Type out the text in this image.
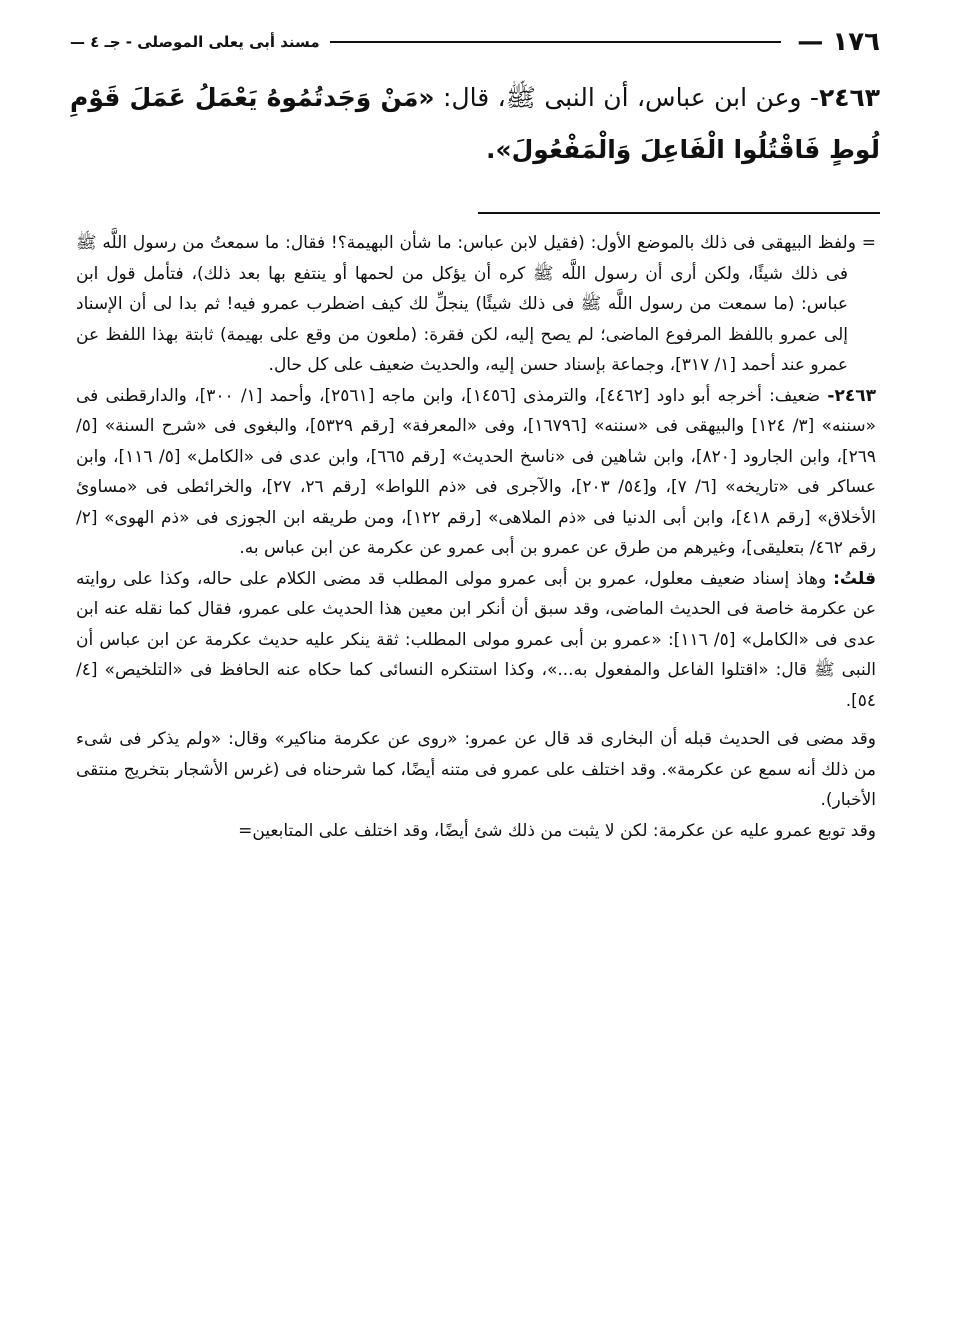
١٧٦ —
مسند أبى يعلى الموصلى - جـ ٤ —
٢٤٦٣- وعن ابن عباس، أن النبى ﷺ، قال: «مَنْ وَجَدتُمُوهُ يَعْمَلُ عَمَلَ قَوْمِ لُوطٍ فَاقْتُلُوا الْفَاعِلَ وَالْمَفْعُولَ».

= ولفظ البيهقى فى ذلك بالموضع الأول: (فقيل لابن عباس: ما شأن البهيمة؟! فقال: ما سمعتُ من رسول اللَّه ﷺ فى ذلك شيئًا، ولكن أرى أن رسول اللَّه ﷺ كره أن يؤكل من لحمها أو ينتفع بها بعد ذلك)، فتأمل قول ابن عباس: (ما سمعت من رسول اللَّه ﷺ فى ذلك شيئًا) ينجلِّ لك كيف اضطرب عمرو فيه! ثم بدا لى أن الإسناد إلى عمرو باللفظ المرفوع الماضى؛ لم يصح إليه، لكن فقرة: (ملعون من وقع على بهيمة) ثابتة بهذا اللفظ عن عمرو عند أحمد [١/ ٣١٧]، وجماعة بإسناد حسن إليه، والحديث ضعيف على كل حال.

٢٤٦٣- ضعيف: أخرجه أبو داود [٤٤٦٢]، والترمذى [١٤٥٦]، وابن ماجه [٢٥٦١]، وأحمد [١/ ٣٠٠]، والدارقطنى فى «سننه» [٣/ ١٢٤] والبيهقى فى «سننه» [١٦٧٩٦]، وفى «المعرفة» [رقم ٥٣٢٩]، والبغوى فى «شرح السنة» [٥/ ٢٦٩]، وابن الجارود [٨٢٠]، وابن شاهين فى «ناسخ الحديث» [رقم ٦٦٥]، وابن عدى فى «الكامل» [٥/ ١١٦]، وابن عساكر فى «تاريخه» [٦/ ٧]، و[٥٤/ ٢٠٣]، والآجرى فى «ذم اللواط» [رقم ٢٦، ٢٧]، والخرائطى فى «مساوئ الأخلاق» [رقم ٤١٨]، وابن أبى الدنيا فى «ذم الملاهى» [رقم ١٢٢]، ومن طريقه ابن الجوزى فى «ذم الهوى» [٢/ رقم ٤٦٢/ بتعليقى]، وغيرهم من طرق عن عمرو بن أبى عمرو عن عكرمة عن ابن عباس به.

قلتُ: وهاذ إسناد ضعيف معلول، عمرو بن أبى عمرو مولى المطلب قد مضى الكلام على حاله، وكذا على روايته عن عكرمة خاصة فى الحديث الماضى، وقد سبق أن أنكر ابن معين هذا الحديث على عمرو، فقال كما نقله عنه ابن عدى فى «الكامل» [٥/ ١١٦]: «عمرو بن أبى عمرو مولى المطلب: ثقة ينكر عليه حديث عكرمة عن ابن عباس أن النبى ﷺ قال: «اقتلوا الفاعل والمفعول به...»، وكذا استنكره النسائى كما حكاه عنه الحافظ فى «التلخيص» [٤/ ٥٤].

وقد مضى فى الحديث قبله أن البخارى قد قال عن عمرو: «روى عن عكرمة مناكير» وقال: «ولم يذكر فى شىء من ذلك أنه سمع عن عكرمة». وقد اختلف على عمرو فى متنه أيضًا، كما شرحناه فى (غرس الأشجار بتخريج منتقى الأخبار).

وقد توبع عمرو عليه عن عكرمة: لكن لا يثبت من ذلك شئ أيضًا، وقد اختلف على المتابعين=
